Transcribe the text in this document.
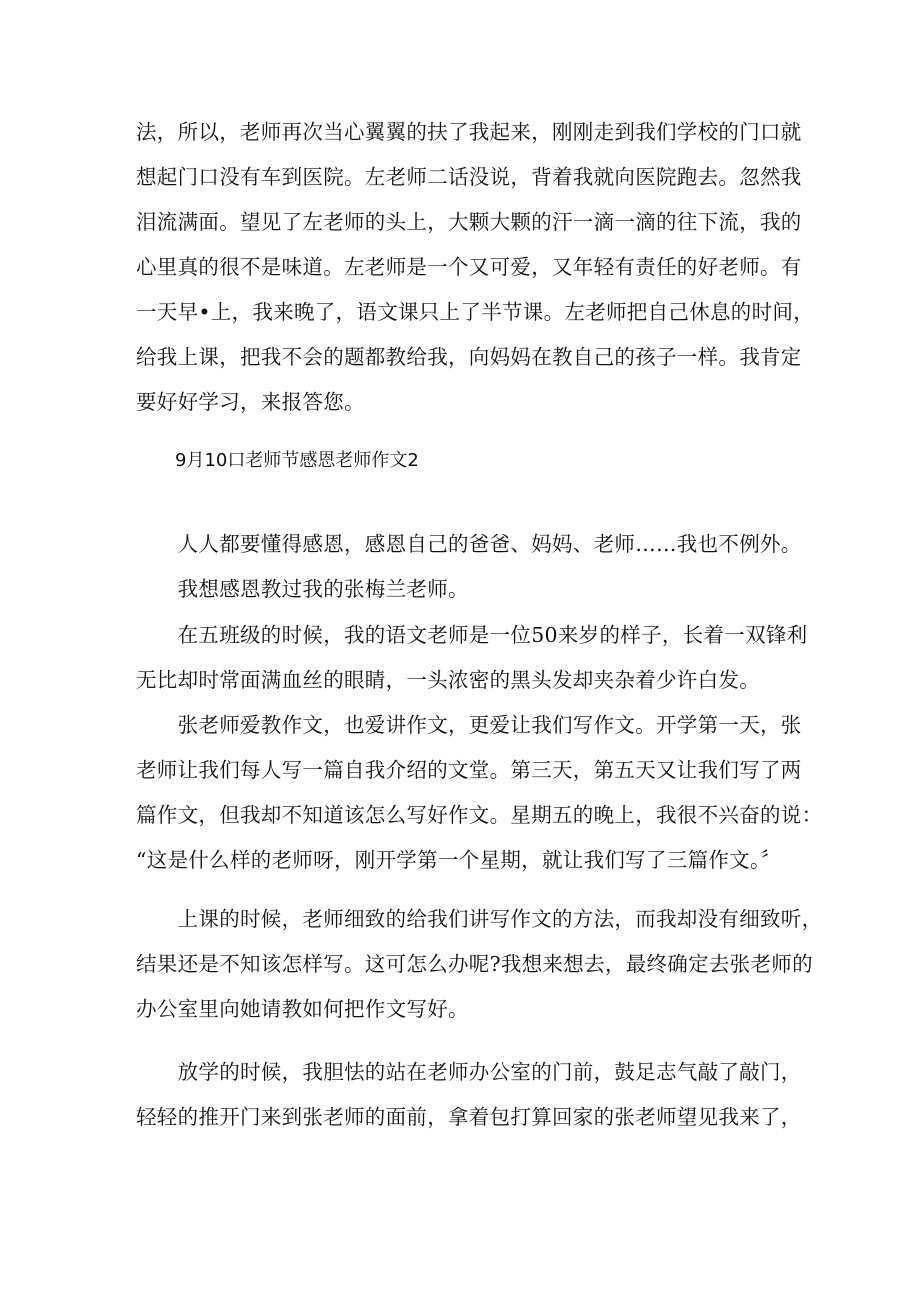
法，所以，老师再次当心翼翼的扶了我起来，刚刚走到我们学校的门口就
想起门口没有车到医院。左老师二话没说，背着我就向医院跑去。忽然我
泪流满面。望见了左老师的头上，大颗大颗的汗一滴一滴的往下流，我的
心里真的很不是味道。左老师是一个又可爱，又年轻有责任的好老师。有
一天早•上，我来晚了，语文课只上了半节课。左老师把自己休息的时间，
给我上课，把我不会的题都教给我，向妈妈在教自己的孩子一样。我肯定
要好好学习，来报答您。
9月10口老师节感恩老师作文2
　　人人都要懂得感恩，感恩自己的爸爸、妈妈、老师……我也不例外。
　　我想感恩教过我的张梅兰老师。
　　在五班级的时候，我的语文老师是一位50来岁的样子，长着一双锋利
无比却时常面满血丝的眼睛，一头浓密的黑头发却夹杂着少许白发。
　　张老师爱教作文，也爱讲作文，更爱让我们写作文。开学第一天，张
老师让我们每人写一篇自我介绍的文堂。第三天，第五天又让我们写了两
篇作文，但我却不知道该怎么写好作文。星期五的晚上，我很不兴奋的说：
“这是什么样的老师呀，刚开学第一个星期，就让我们写了三篇作文。〞
　　上课的时候，老师细致的给我们讲写作文的方法，而我却没有细致听，
结果还是不知该怎样写。这可怎么办呢?我想来想去，最终确定去张老师的
办公室里向她请教如何把作文写好。
　　放学的时候，我胆怯的站在老师办公室的门前，鼓足志气敲了敲门，
轻轻的推开门来到张老师的面前，拿着包打算回家的张老师望见我来了，
